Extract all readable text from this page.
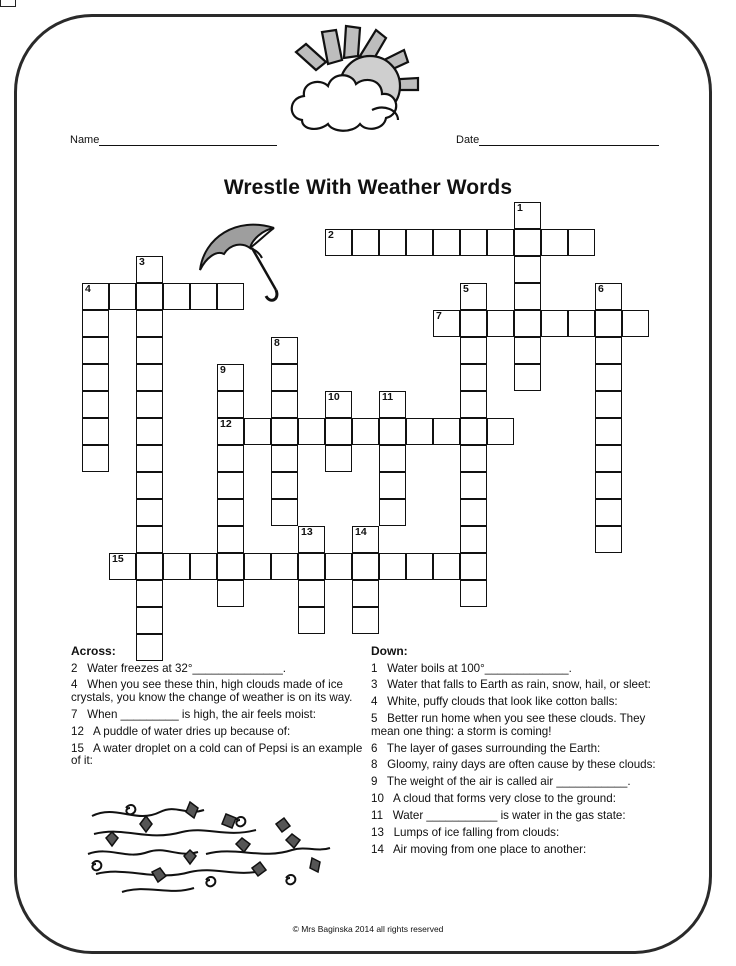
Name	Date
Wrestle With Weather Words
1
2
3
4	5	6
7
8
9
12
10	11
13	14
15
Across:
2 Water freezes at 32°______________.
4 When you see these thin, high clouds made of ice crystals, you know the change of weather is on its way.
7 When _________ is high, the air feels moist:
12 A puddle of water dries up because of:
15 A water droplet on a cold can of Pepsi is an example of it:
Down:
1 Water boils at 100°_____________.
3 Water that falls to Earth as rain, snow, hail, or sleet:
4 White, puffy clouds that look like cotton balls:
5 Better run home when you see these clouds. They mean one thing: a storm is coming!
6 The layer of gases surrounding the Earth:
8 Gloomy, rainy days are often cause by these clouds:
9 The weight of the air is called air ___________.
10 A cloud that forms very close to the ground:
11 Water ___________ is water in the gas state:
13 Lumps of ice falling from clouds:
14 Air moving from one place to another:
© Mrs Baginska 2014 all rights reserved
